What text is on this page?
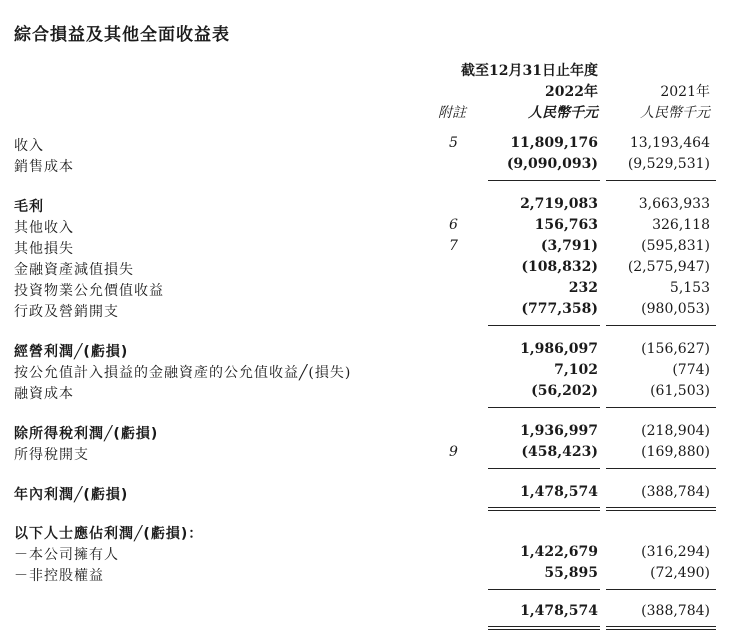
綜合損益及其他全面收益表
截至12月31日止年度
2022年	2021年
附註	人民幣千元	人民幣千元
收入	5	11,809,176 13,193,464
銷售成本	(9,090,093) (9,529,531)
毛利	2,719,083	3,663,933
其他收入	6	156,763	326,118
其他損失	7	(3,791)	(595,831)
金融資產減值損失	(108,832) (2,575,947)
投資物業公允價值收益	232	5,153
行政及營銷開支	(777,358)	(980,053)
經營利潤╱(虧損)	1,986,097	(156,627)
按公允值計入損益的金融資產的公允值收益╱(損失)	7,102	(774)
融資成本	(56,202)	(61,503)
除所得稅利潤╱(虧損)	1,936,997	(218,904)
所得稅開支	9	(458,423)	(169,880)
年內利潤╱(虧損)	1,478,574	(388,784)
以下人士應佔利潤╱(虧損)：
－本公司擁有人	1,422,679	(316,294)
－非控股權益	55,895	(72,490)
1,478,574	(388,784)
